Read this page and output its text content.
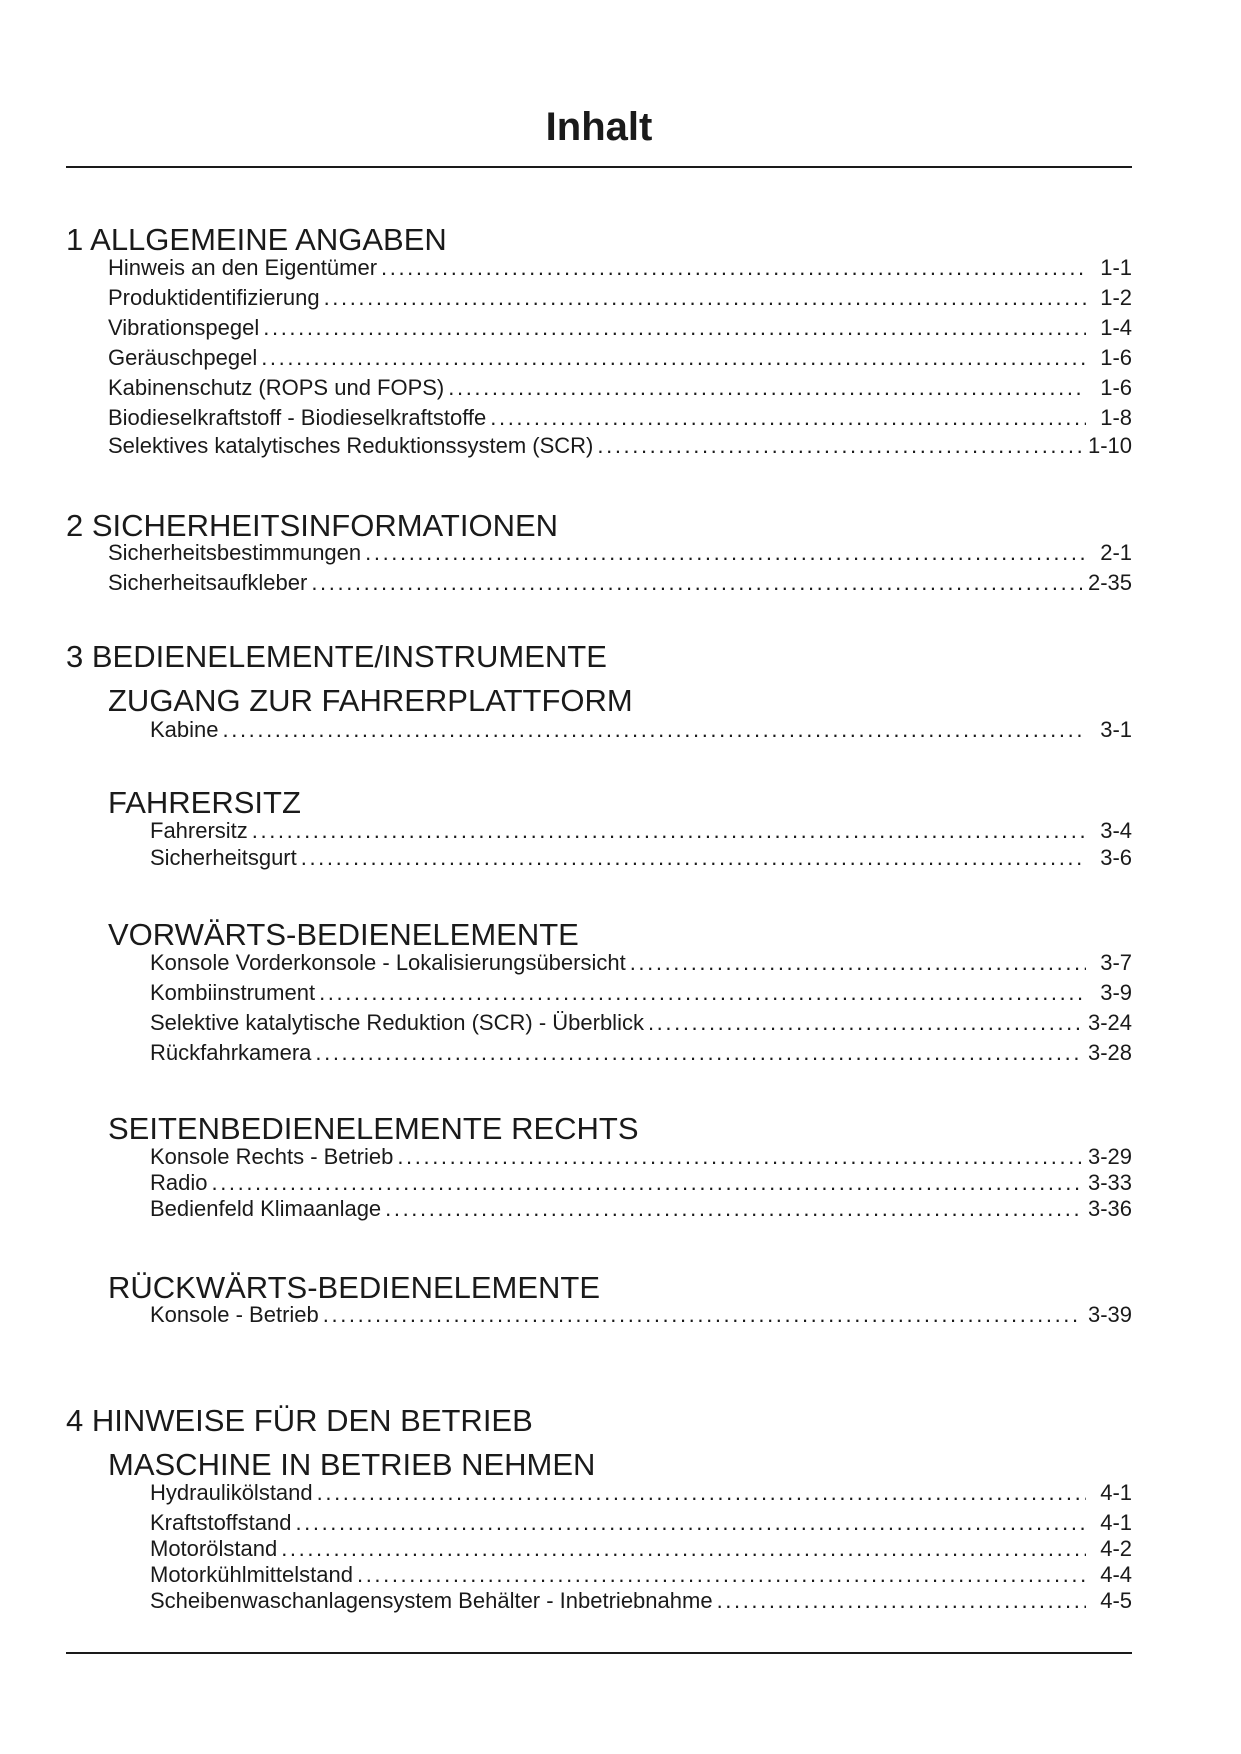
Inhalt
1 ALLGEMEINE ANGABEN
Hinweis an den Eigentümer .....	1-1
Produktidentifizierung .....	1-2
Vibrationspegel .....	1-4
Geräuschpegel .....	1-6
Kabinenschutz (ROPS und FOPS) .....	1-6
Biodieselkraftstoff - Biodieselkraftstoffe .....	1-8
Selektives katalytisches Reduktionssystem (SCR) .....	1-10
2 SICHERHEITSINFORMATIONEN
Sicherheitsbestimmungen .....	2-1
Sicherheitsaufkleber .....	2-35
3 BEDIENELEMENTE/INSTRUMENTE
ZUGANG ZUR FAHRERPLATTFORM
Kabine .....	3-1
FAHRERSITZ
Fahrersitz .....	3-4
Sicherheitsgurt .....	3-6
VORWÄRTS-BEDIENELEMENTE
Konsole Vorderkonsole - Lokalisierungsübersicht .....	3-7
Kombiinstrument .....	3-9
Selektive katalytische Reduktion (SCR) - Überblick .....	3-24
Rückfahrkamera .....	3-28
SEITENBEDIENELEMENTE RECHTS
Konsole Rechts - Betrieb .....	3-29
Radio .....	3-33
Bedienfeld Klimaanlage .....	3-36
RÜCKWÄRTS-BEDIENELEMENTE
Konsole - Betrieb .....	3-39
4 HINWEISE FÜR DEN BETRIEB
MASCHINE IN BETRIEB NEHMEN
Hydraulikölstand .....	4-1
Kraftstoffstand .....	4-1
Motorölstand .....	4-2
Motorkühlmittelstand .....	4-4
Scheibenwaschanlagensystem Behälter - Inbetriebnahme .....	4-5
